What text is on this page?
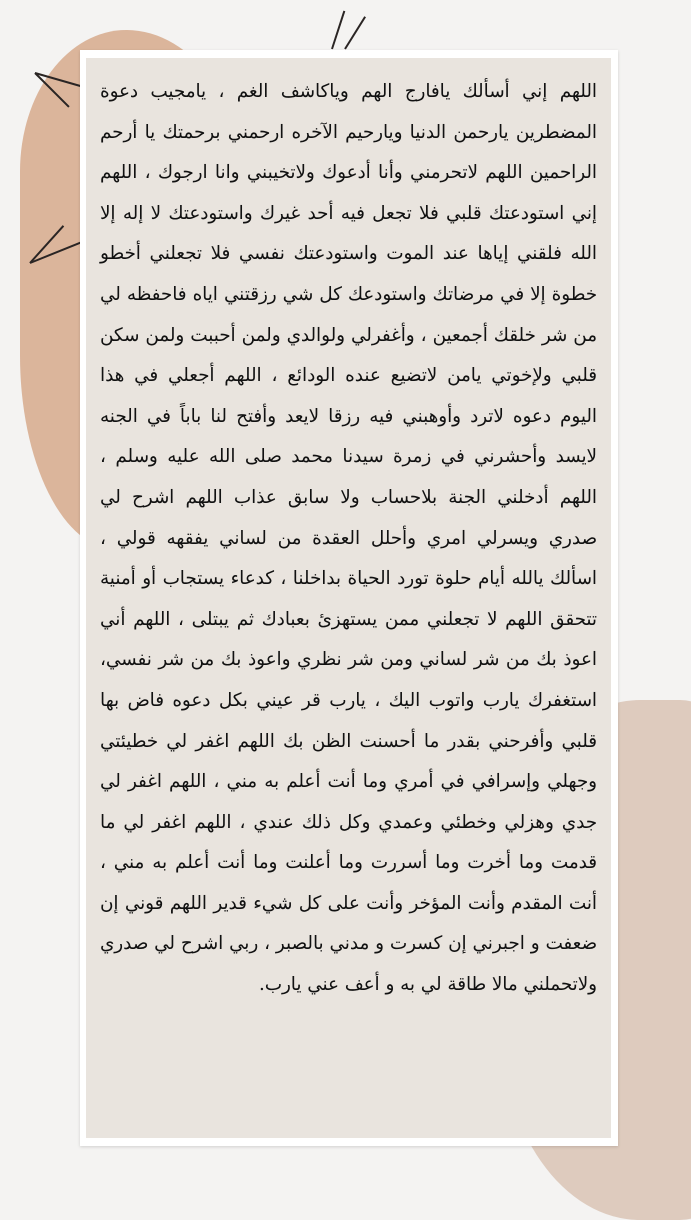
اللهم إني أسألك يافارج الهم وياكاشف الغم ، يامجيب دعوة المضطرين يارحمن الدنيا ويارحيم الآخره ارحمني برحمتك يا أرحم الراحمين اللهم لاتحرمني وأنا أدعوك ولاتخيبني وانا ارجوك ، اللهم إني استودعتك قلبي فلا تجعل فيه أحد غيرك واستودعتك لا إله إلا الله فلقني إياها عند الموت واستودعتك نفسي فلا تجعلني أخطو خطوة إلا في مرضاتك واستودعك كل شي رزقتني اياه فاحفظه لي من شر خلقك أجمعين ، وأغفرلي ولوالدي ولمن أحببت ولمن سكن قلبي ولإخوتي يامن لاتضيع عنده الودائع ، اللهم أجعلي في هذا اليوم دعوه لاترد وأوهبني فيه رزقا لايعد وأفتح لنا باباً في الجنه لايسد وأحشرني في زمرة سيدنا محمد صلى الله عليه وسلم ، اللهم أدخلني الجنة بلاحساب ولا سابق عذاب اللهم اشرح لي صدري ويسرلي امري وأحلل العقدة من لساني يفقهه قولي ، اسألك يالله أيام حلوة تورد الحياة بداخلنا ، كدعاء يستجاب أو أمنية تتحقق اللهم لا تجعلني ممن يستهزئ بعبادك ثم يبتلى ، اللهم أني اعوذ بك من شر لساني ومن شر نظري واعوذ بك من شر نفسي، استغفرك يارب واتوب اليك ، يارب قر عيني بكل دعوه فاض بها قلبي وأفرحني بقدر ما أحسنت الظن بك اللهم اغفر لي خطيئتي وجهلي وإسرافي في أمري وما أنت أعلم به مني ، اللهم اغفر لي جدي وهزلي وخطئي وعمدي وكل ذلك عندي ، اللهم اغفر لي ما قدمت وما أخرت وما أسررت وما أعلنت وما أنت أعلم به مني ، أنت المقدم وأنت المؤخر وأنت على كل شيء قدير اللهم قوني إن ضعفت و اجبرني إن كسرت و مدني بالصبر ، ربي اشرح لي صدري ولاتحملني مالا طاقة لي به و أعف عني يارب.
